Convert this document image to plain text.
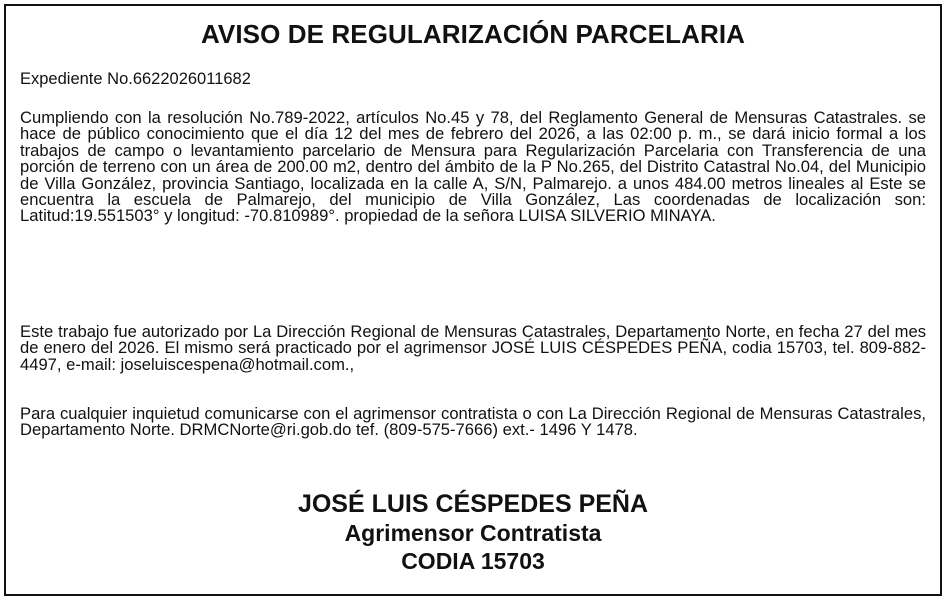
AVISO DE REGULARIZACIÓN PARCELARIA
Expediente No.6622026011682

Cumpliendo con la resolución No.789-2022, artículos No.45 y 78, del Reglamento General de Mensuras Catastrales. se hace de público conocimiento que el día 12 del mes de febrero del 2026, a las 02:00 p. m., se dará inicio formal a los trabajos de campo o levantamiento parcelario de Mensura para Regularización Parcelaria con Transferencia de una porción de terreno con un área de 200.00 m2, dentro del ámbito de la P No.265, del Distrito Catastral No.04, del Municipio de Villa González, provincia Santiago, localizada en la calle A, S/N, Palmarejo. a unos 484.00 metros lineales al Este se encuentra la escuela de Palmarejo, del municipio de Villa González, Las coordenadas de localización son: Latitud:19.551503° y longitud: -70.810989°. propiedad de la señora LUISA SILVERIO MINAYA.

Este trabajo fue autorizado por La Dirección Regional de Mensuras Catastrales, Departamento Norte, en fecha 27 del mes de enero del 2026. El mismo será practicado por el agrimensor JOSÉ LUIS CÉSPEDES PEÑA, codia 15703, tel. 809-882-4497, e-mail: joseluiscespena@hotmail.com.,

Para cualquier inquietud comunicarse con el agrimensor contratista o con La Dirección Regional de Mensuras Catastrales, Departamento Norte. DRMCNorte@ri.gob.do tef. (809-575-7666) ext.- 1496 Y 1478.

JOSÉ LUIS CÉSPEDES PEÑA
Agrimensor Contratista
CODIA 15703
